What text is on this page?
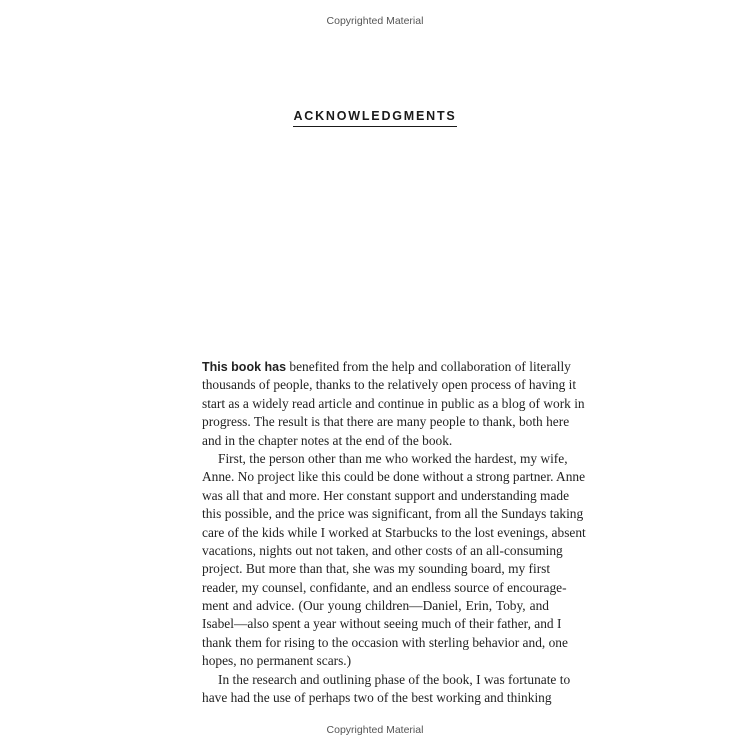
Copyrighted Material
ACKNOWLEDGMENTS
This book has benefited from the help and collaboration of literally
thousands of people, thanks to the relatively open process of having it
start as a widely read article and continue in public as a blog of work in
progress. The result is that there are many people to thank, both here
and in the chapter notes at the end of the book.
First, the person other than me who worked the hardest, my wife,
Anne. No project like this could be done without a strong partner. Anne
was all that and more. Her constant support and understanding made
this possible, and the price was significant, from all the Sundays taking
care of the kids while I worked at Starbucks to the lost evenings, absent
vacations, nights out not taken, and other costs of an all-consuming
project. But more than that, she was my sounding board, my first
reader, my counsel, confidante, and an endless source of encourage-
ment and advice. (Our young children—Daniel, Erin, Toby, and
Isabel—also spent a year without seeing much of their father, and I
thank them for rising to the occasion with sterling behavior and, one
hopes, no permanent scars.)
In the research and outlining phase of the book, I was fortunate to
have had the use of perhaps two of the best working and thinking
Copyrighted Material
